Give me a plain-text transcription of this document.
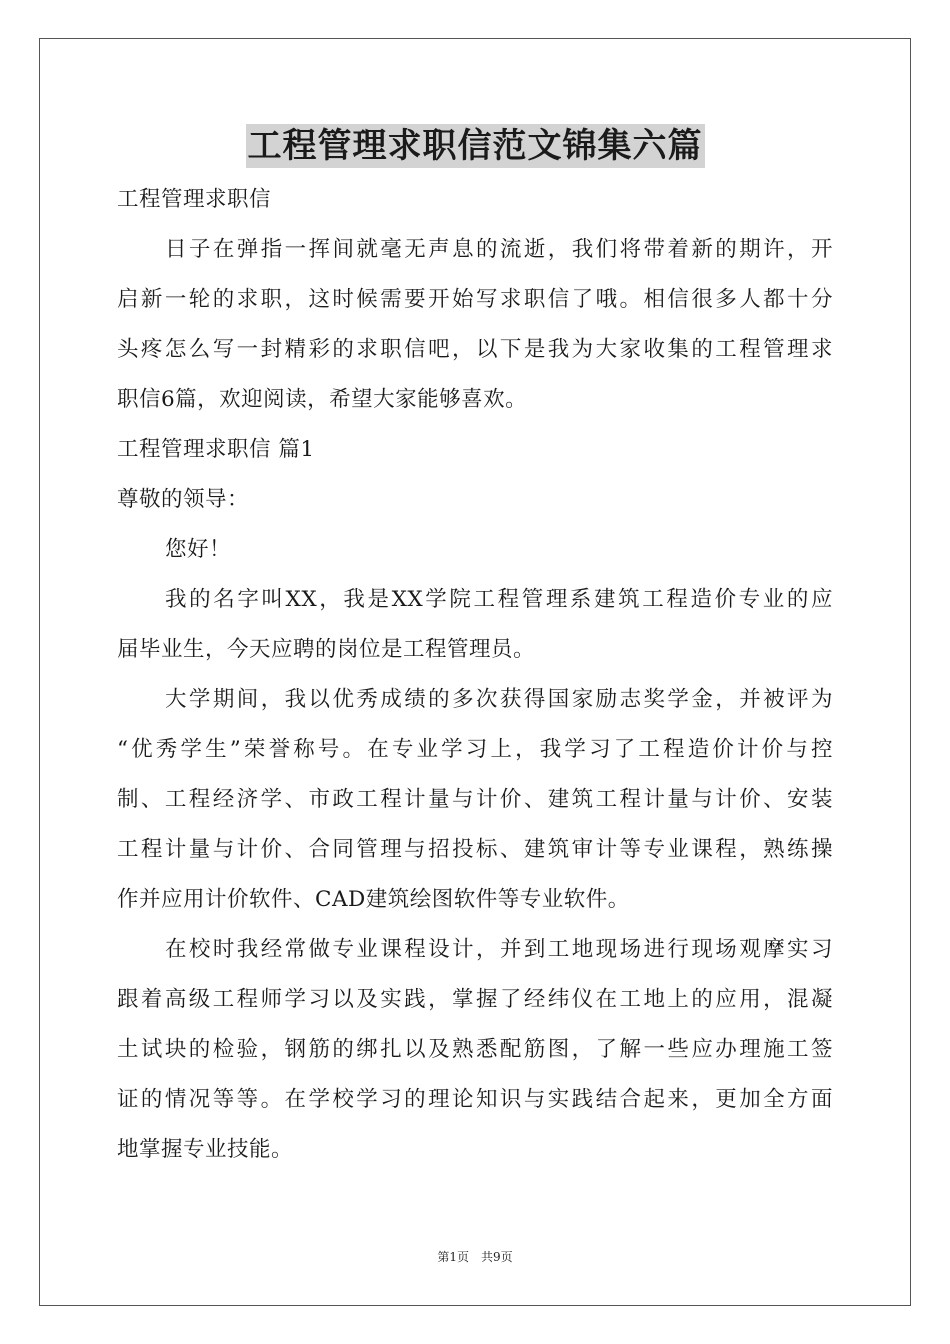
工程管理求职信范文锦集六篇
工程管理求职信
日子在弹指一挥间就毫无声息的流逝，我们将带着新的期许，开
启新一轮的求职，这时候需要开始写求职信了哦。相信很多人都十分
头疼怎么写一封精彩的求职信吧，以下是我为大家收集的工程管理求
职信6篇，欢迎阅读，希望大家能够喜欢。
工程管理求职信 篇1
尊敬的领导：
您好！
我的名字叫XX，我是XX学院工程管理系建筑工程造价专业的应
届毕业生，今天应聘的岗位是工程管理员。
大学期间，我以优秀成绩的多次获得国家励志奖学金，并被评为
“优秀学生”荣誉称号。在专业学习上，我学习了工程造价计价与控
制、工程经济学、市政工程计量与计价、建筑工程计量与计价、安装
工程计量与计价、合同管理与招投标、建筑审计等专业课程，熟练操
作并应用计价软件、CAD建筑绘图软件等专业软件。
在校时我经常做专业课程设计，并到工地现场进行现场观摩实习
跟着高级工程师学习以及实践，掌握了经纬仪在工地上的应用，混凝
土试块的检验，钢筋的绑扎以及熟悉配筋图，了解一些应办理施工签
证的情况等等。在学校学习的理论知识与实践结合起来，更加全方面
地掌握专业技能。
第1页　共9页
